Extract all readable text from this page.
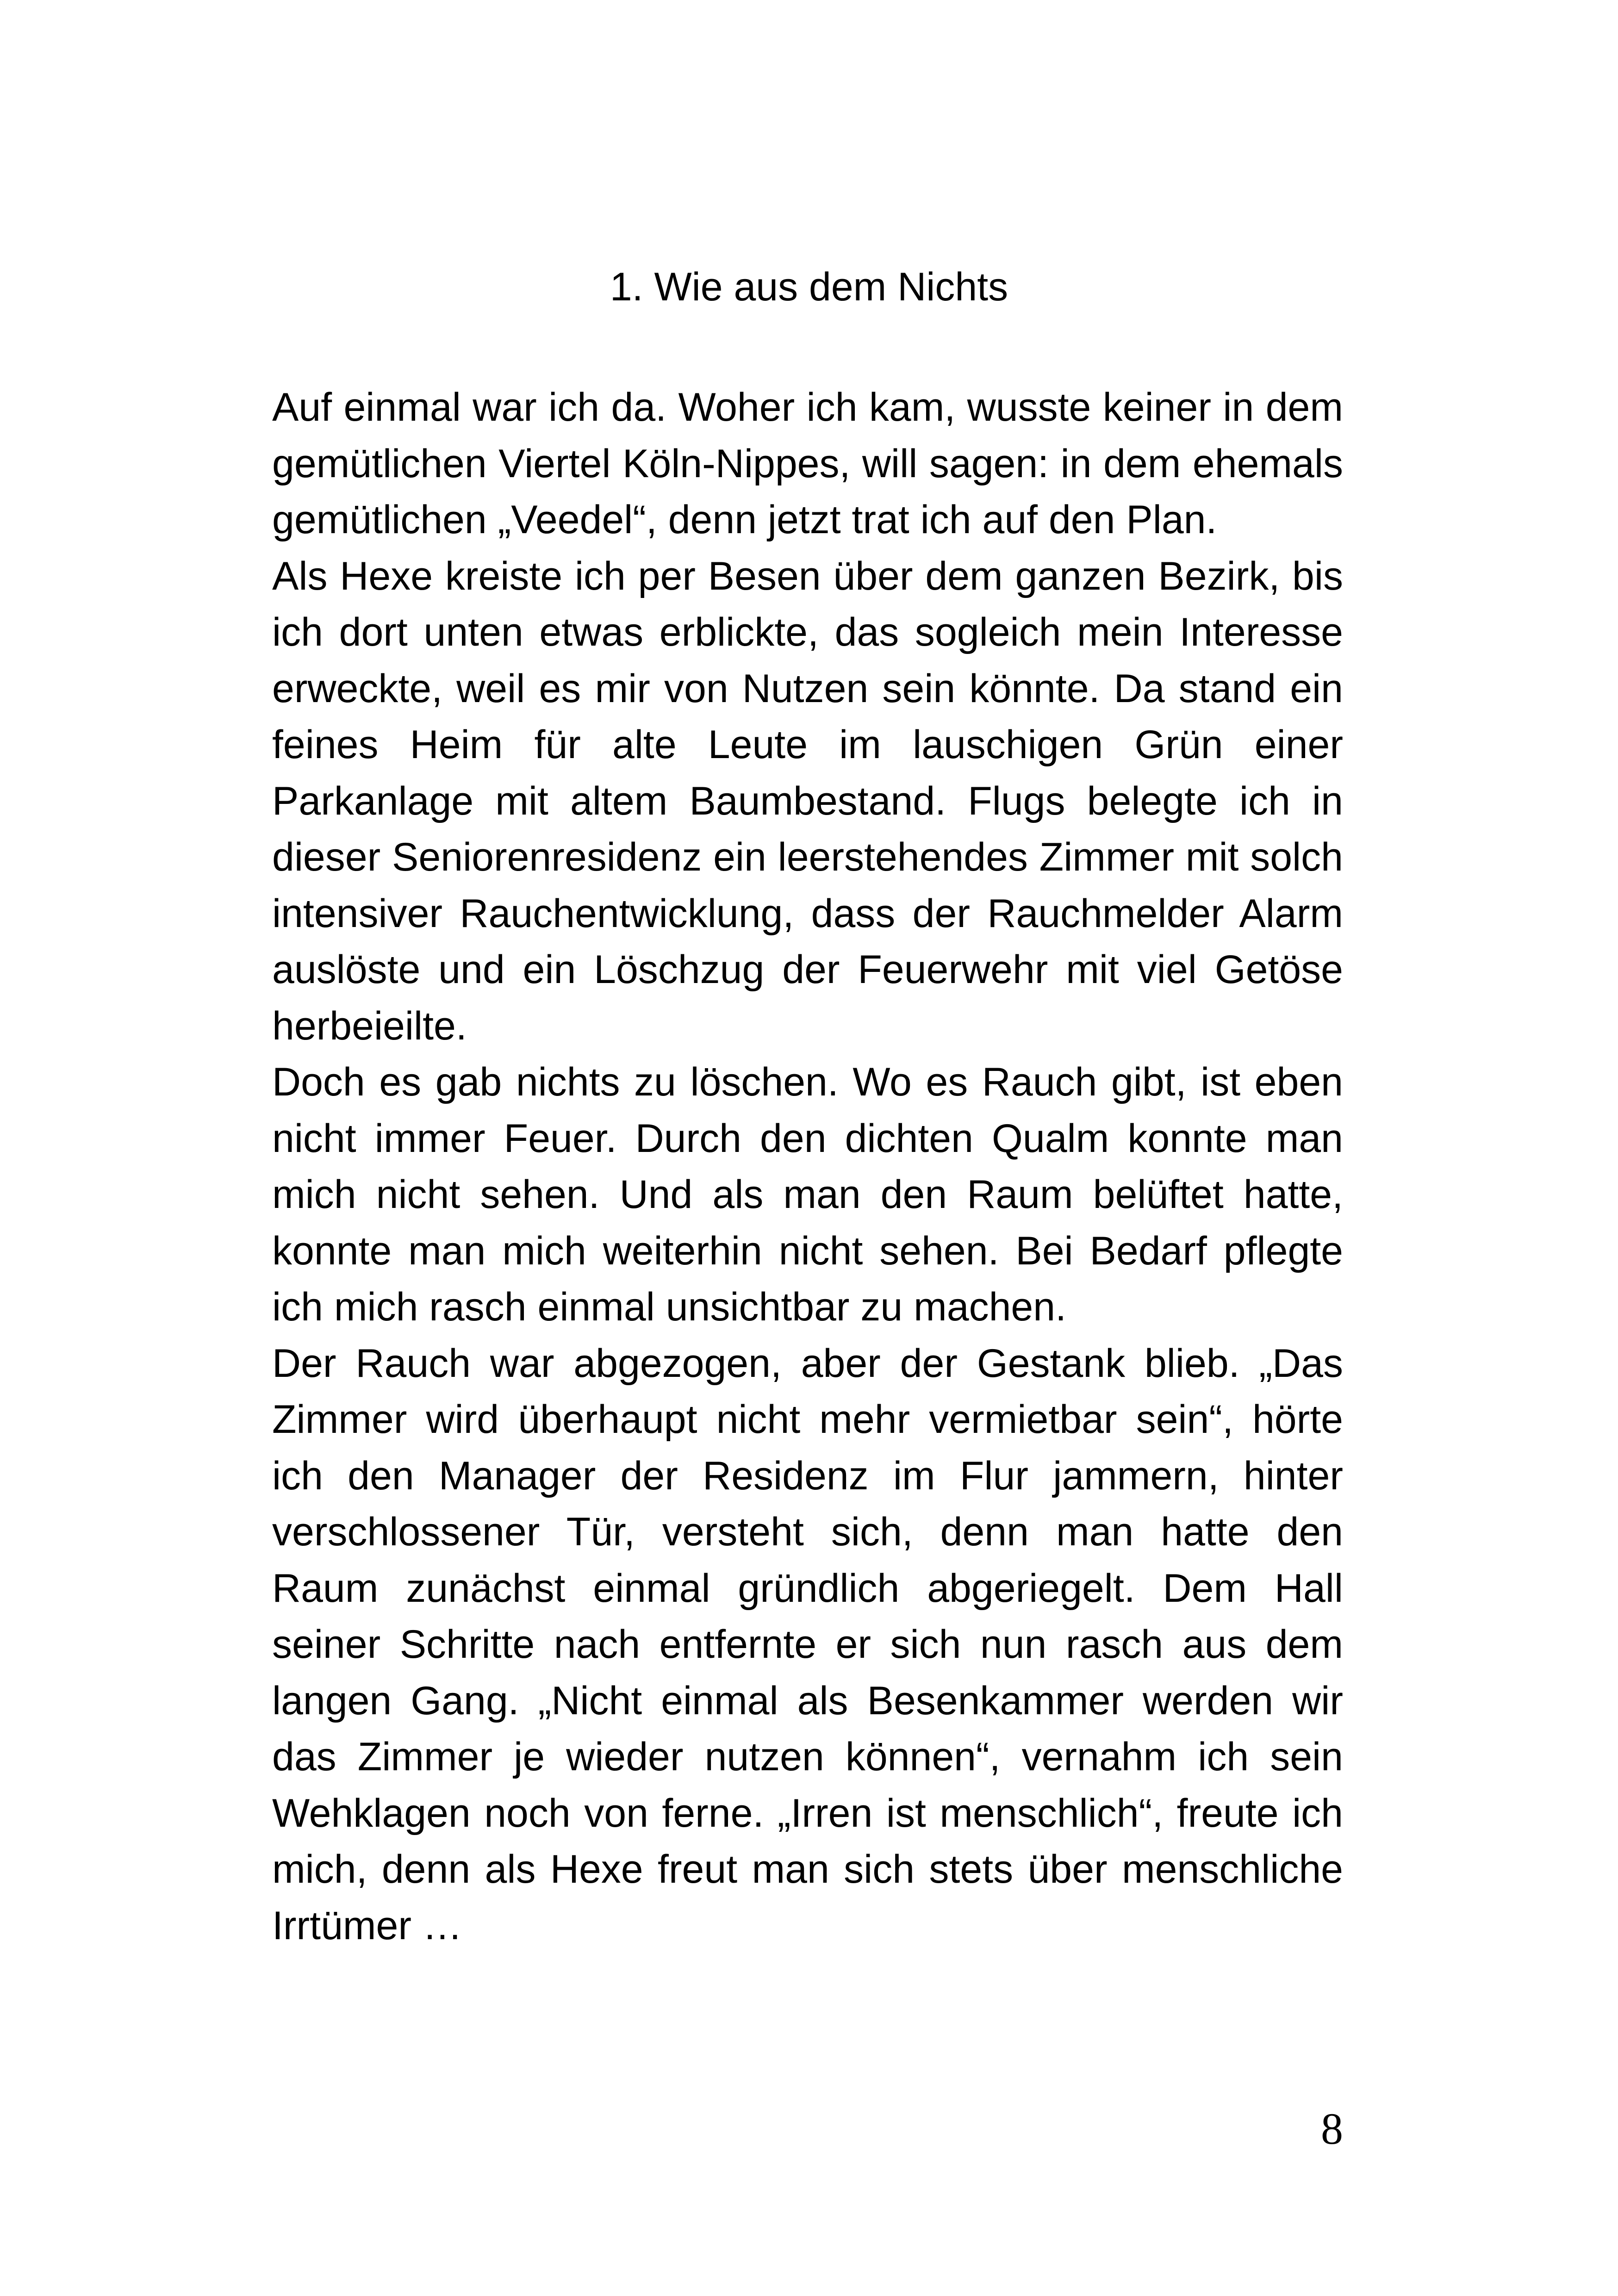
1. Wie aus dem Nichts

Auf einmal war ich da. Woher ich kam, wusste keiner in dem gemütlichen Viertel Köln-Nippes, will sagen: in dem ehemals gemütlichen „Veedel“, denn jetzt trat ich auf den Plan.

Als Hexe kreiste ich per Besen über dem ganzen Bezirk, bis ich dort unten etwas erblickte, das sogleich mein Interesse erweckte, weil es mir von Nutzen sein könnte. Da stand ein feines Heim für alte Leute im lauschigen Grün einer Parkanlage mit altem Baumbestand. Flugs belegte ich in dieser Seniorenresidenz ein leerstehendes Zimmer mit solch intensiver Rauchentwicklung, dass der Rauchmelder Alarm auslöste und ein Löschzug der Feuerwehr mit viel Getöse herbeieilte.

Doch es gab nichts zu löschen. Wo es Rauch gibt, ist eben nicht immer Feuer. Durch den dichten Qualm konnte man mich nicht sehen. Und als man den Raum belüftet hatte, konnte man mich weiterhin nicht sehen. Bei Bedarf pflegte ich mich rasch einmal unsichtbar zu machen.

Der Rauch war abgezogen, aber der Gestank blieb. „Das Zimmer wird überhaupt nicht mehr vermietbar sein“, hörte ich den Manager der Residenz im Flur jammern, hinter verschlossener Tür, versteht sich, denn man hatte den Raum zunächst einmal gründlich abgeriegelt. Dem Hall seiner Schritte nach entfernte er sich nun rasch aus dem langen Gang. „Nicht einmal als Besenkammer werden wir das Zimmer je wieder nutzen können“, vernahm ich sein Wehklagen noch von ferne. „Irren ist menschlich“, freute ich mich, denn als Hexe freut man sich stets über menschliche Irrtümer …

8
